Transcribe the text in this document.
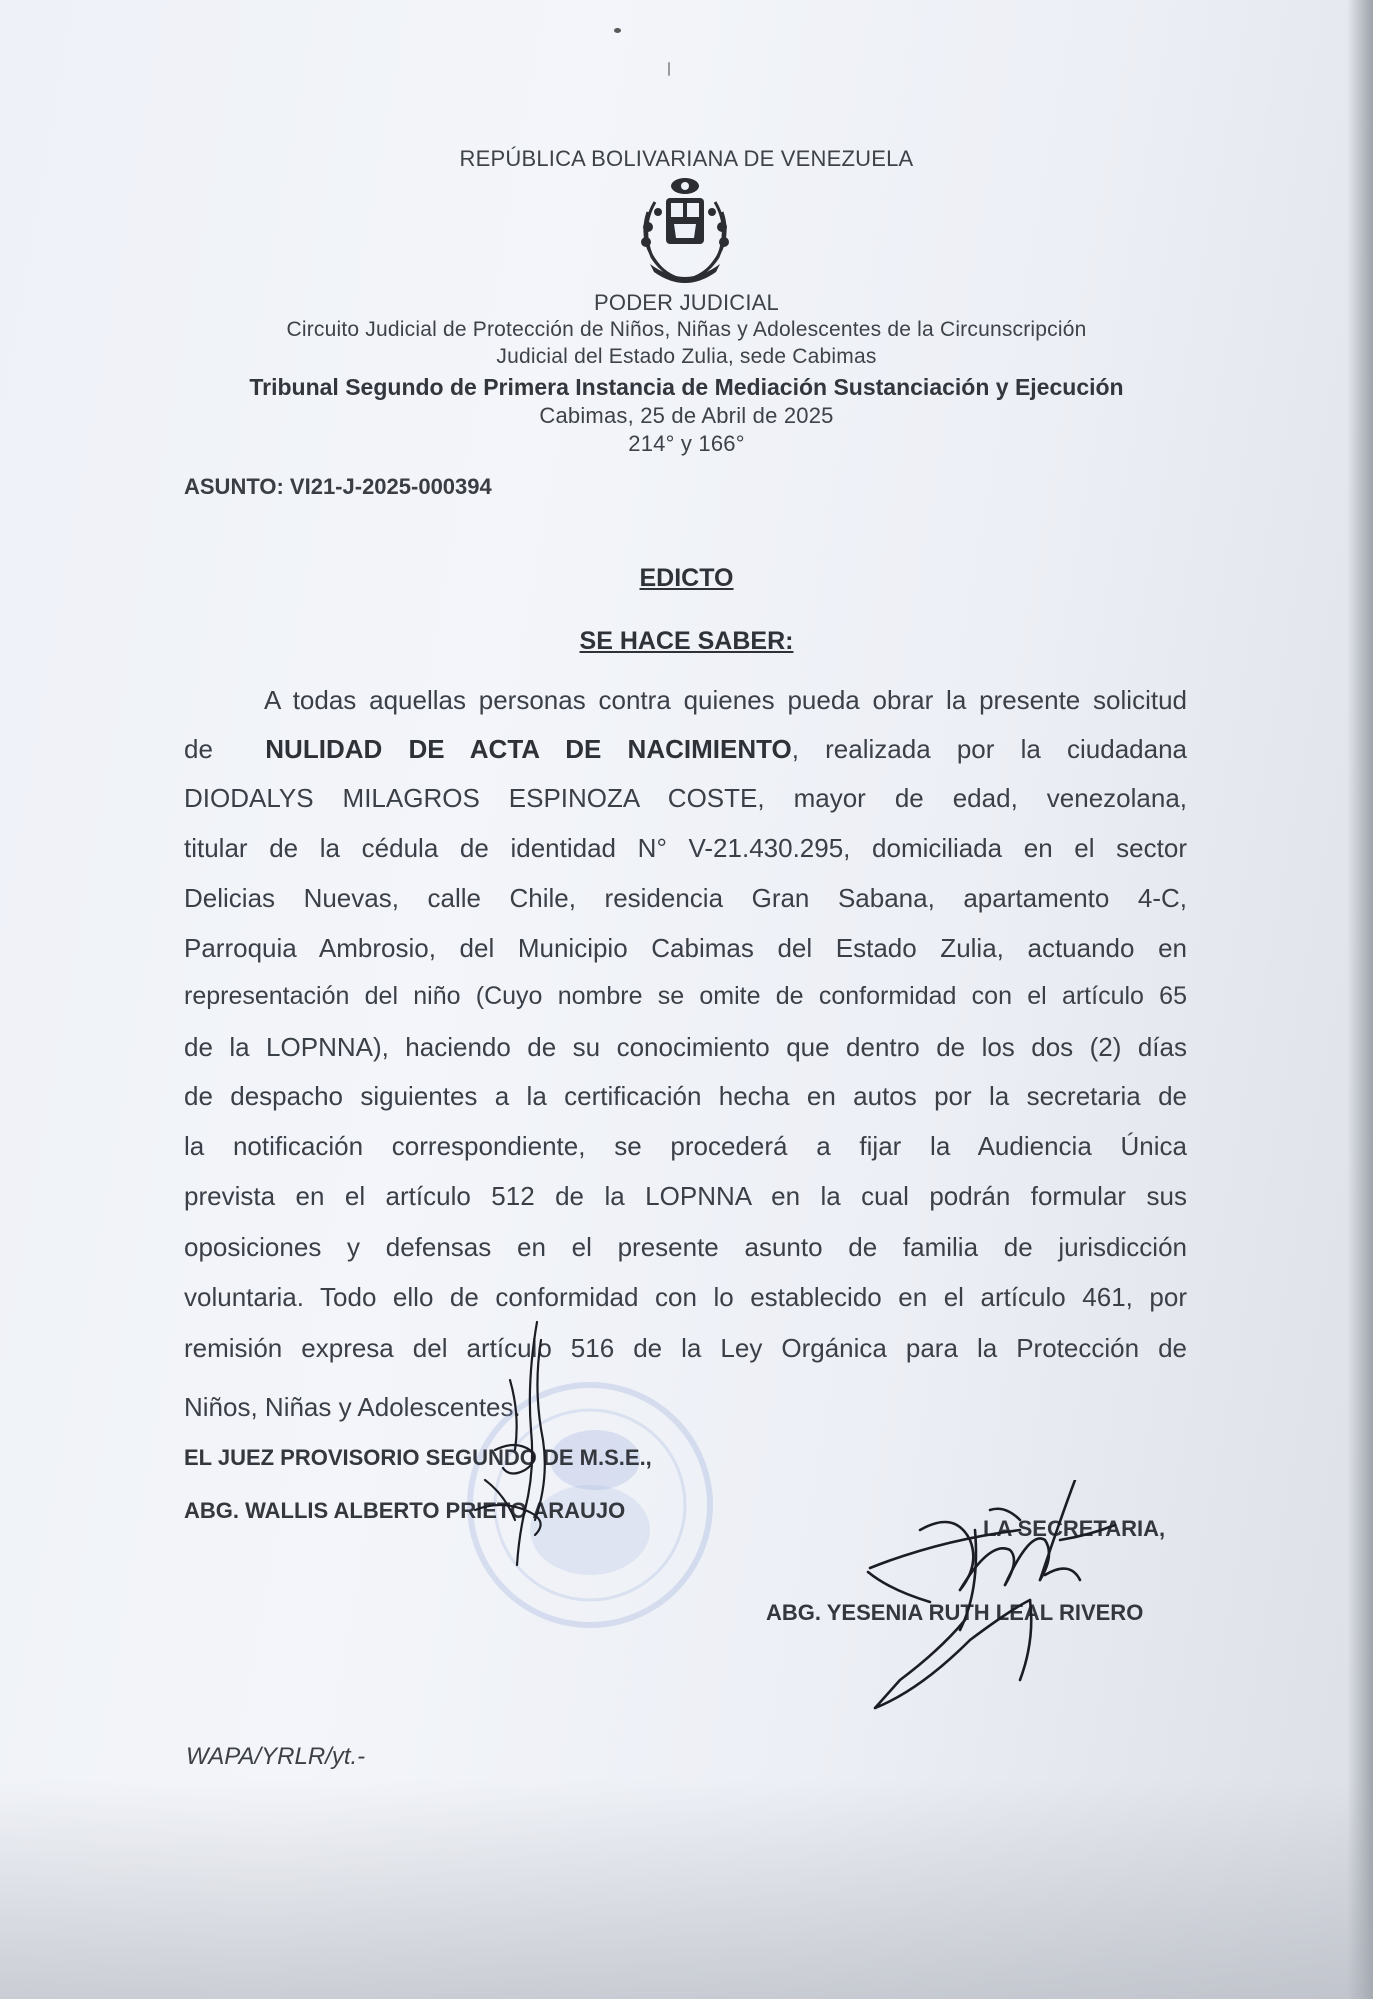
REPÚBLICA BOLIVARIANA DE VENEZUELA
PODER JUDICIAL
Circuito Judicial de Protección de Niños, Niñas y Adolescentes de la Circunscripción
Judicial del Estado Zulia, sede Cabimas
Tribunal Segundo de Primera Instancia de Mediación Sustanciación y Ejecución
Cabimas, 25 de Abril de 2025
214° y 166°
ASUNTO: VI21-J-2025-000394
EDICTO
SE HACE SABER:
A todas aquellas personas contra quienes pueda obrar la presente solicitud
de NULIDAD DE ACTA DE NACIMIENTO, realizada por la ciudadana
DIODALYS MILAGROS ESPINOZA COSTE, mayor de edad, venezolana,
titular de la cédula de identidad N° V-21.430.295, domiciliada en el sector
Delicias Nuevas, calle Chile, residencia Gran Sabana, apartamento 4-C,
Parroquia Ambrosio, del Municipio Cabimas del Estado Zulia, actuando en
representación del niño (Cuyo nombre se omite de conformidad con el artículo 65
de la LOPNNA), haciendo de su conocimiento que dentro de los dos (2) días
de despacho siguientes a la certificación hecha en autos por la secretaria de
la notificación correspondiente, se procederá a fijar la Audiencia Única
prevista en el artículo 512 de la LOPNNA en la cual podrán formular sus
oposiciones y defensas en el presente asunto de familia de jurisdicción
voluntaria. Todo ello de conformidad con lo establecido en el artículo 461, por
remisión expresa del artículo 516 de la Ley Orgánica para la Protección de
Niños, Niñas y Adolescentes.
EL JUEZ PROVISORIO SEGUNDO DE M.S.E.,
ABG. WALLIS ALBERTO PRIETO ARAUJO
LA SECRETARIA,
ABG. YESENIA RUTH LEAL RIVERO
WAPA/YRLR/yt.-
